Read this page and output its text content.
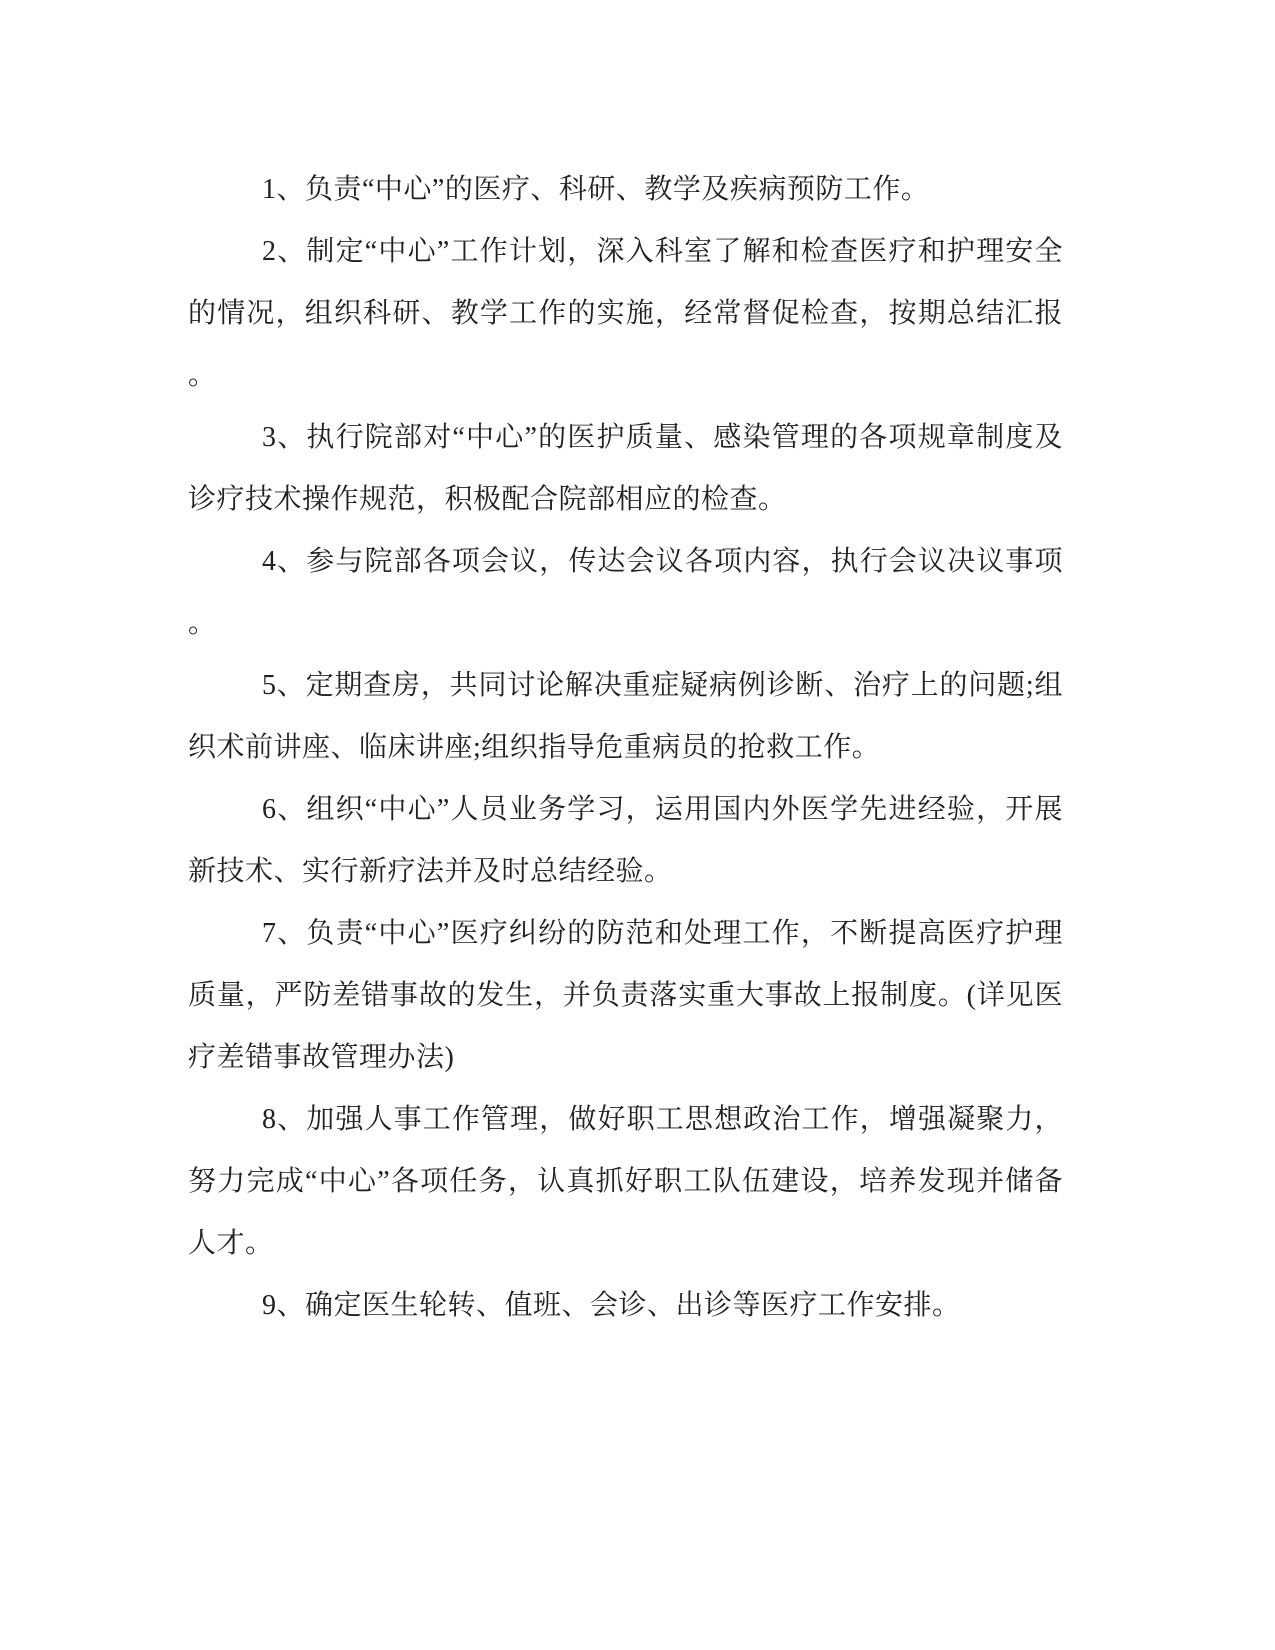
1、负责“中心”的医疗、科研、教学及疾病预防工作。
2、制定“中心”工作计划，深入科室了解和检查医疗和护理安全
的情况，组织科研、教学工作的实施，经常督促检查，按期总结汇报
。
3、执行院部对“中心”的医护质量、感染管理的各项规章制度及
诊疗技术操作规范，积极配合院部相应的检查。
4、参与院部各项会议，传达会议各项内容，执行会议决议事项
。
5、定期查房，共同讨论解决重症疑病例诊断、治疗上的问题;组
织术前讲座、临床讲座;组织指导危重病员的抢救工作。
6、组织“中心”人员业务学习，运用国内外医学先进经验，开展
新技术、实行新疗法并及时总结经验。
7、负责“中心”医疗纠纷的防范和处理工作，不断提高医疗护理
质量，严防差错事故的发生，并负责落实重大事故上报制度。(详见医
疗差错事故管理办法)
8、加强人事工作管理，做好职工思想政治工作，增强凝聚力，
努力完成“中心”各项任务，认真抓好职工队伍建设，培养发现并储备
人才。
9、确定医生轮转、值班、会诊、出诊等医疗工作安排。
